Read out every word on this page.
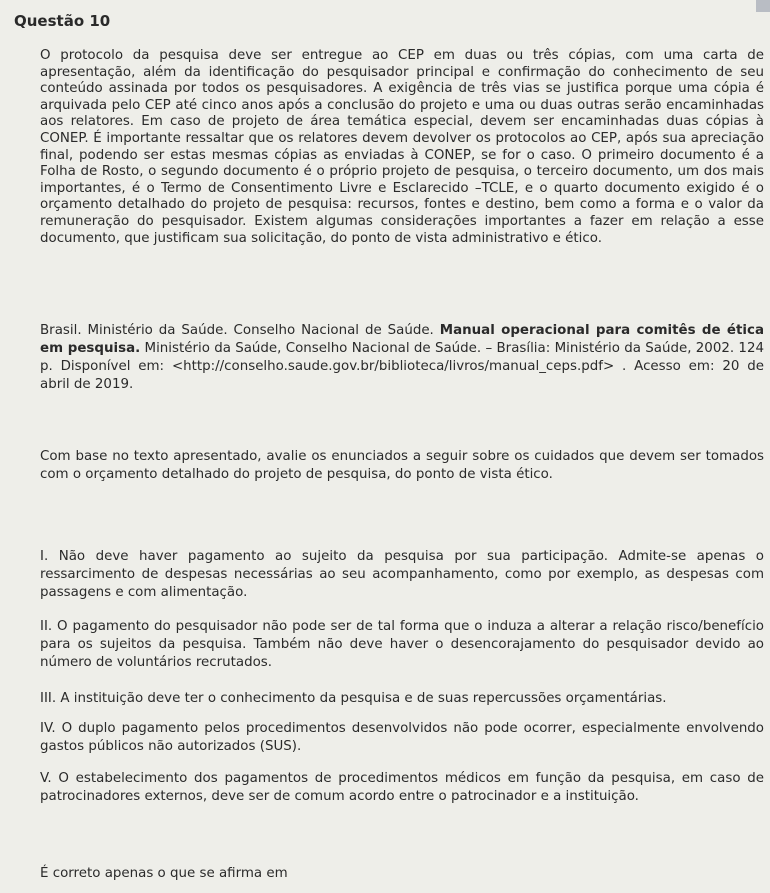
Questão 10

O protocolo da pesquisa deve ser entregue ao CEP em duas ou três cópias, com uma carta de apresentação, além da identificação do pesquisador principal e confirmação do conhecimento de seu conteúdo assinada por todos os pesquisadores. A exigência de três vias se justifica porque uma cópia é arquivada pelo CEP até cinco anos após a conclusão do projeto e uma ou duas outras serão encaminhadas aos relatores. Em caso de projeto de área temática especial, devem ser encaminhadas duas cópias à CONEP. É importante ressaltar que os relatores devem devolver os protocolos ao CEP, após sua apreciação final, podendo ser estas mesmas cópias as enviadas à CONEP, se for o caso. O primeiro documento é a Folha de Rosto, o segundo documento é o próprio projeto de pesquisa, o terceiro documento, um dos mais importantes, é o Termo de Consentimento Livre e Esclarecido –TCLE, e o quarto documento exigido é o orçamento detalhado do projeto de pesquisa: recursos, fontes e destino, bem como a forma e o valor da remuneração do pesquisador. Existem algumas considerações importantes a fazer em relação a esse documento, que justificam sua solicitação, do ponto de vista administrativo e ético.

Brasil. Ministério da Saúde. Conselho Nacional de Saúde. Manual operacional para comitês de ética em pesquisa. Ministério da Saúde, Conselho Nacional de Saúde. – Brasília: Ministério da Saúde, 2002. 124 p. Disponível em: <http://conselho.saude.gov.br/biblioteca/livros/manual_ceps.pdf> . Acesso em: 20 de abril de 2019.

Com base no texto apresentado, avalie os enunciados a seguir sobre os cuidados que devem ser tomados com o orçamento detalhado do projeto de pesquisa, do ponto de vista ético.

I. Não deve haver pagamento ao sujeito da pesquisa por sua participação. Admite-se apenas o ressarcimento de despesas necessárias ao seu acompanhamento, como por exemplo, as despesas com passagens e com alimentação.

II. O pagamento do pesquisador não pode ser de tal forma que o induza a alterar a relação risco/benefício para os sujeitos da pesquisa. Também não deve haver o desencorajamento do pesquisador devido ao número de voluntários recrutados.

III. A instituição deve ter o conhecimento da pesquisa e de suas repercussões orçamentárias.

IV. O duplo pagamento pelos procedimentos desenvolvidos não pode ocorrer, especialmente envolvendo gastos públicos não autorizados (SUS).

V. O estabelecimento dos pagamentos de procedimentos médicos em função da pesquisa, em caso de patrocinadores externos, deve ser de comum acordo entre o patrocinador e a instituição.

É correto apenas o que se afirma em
